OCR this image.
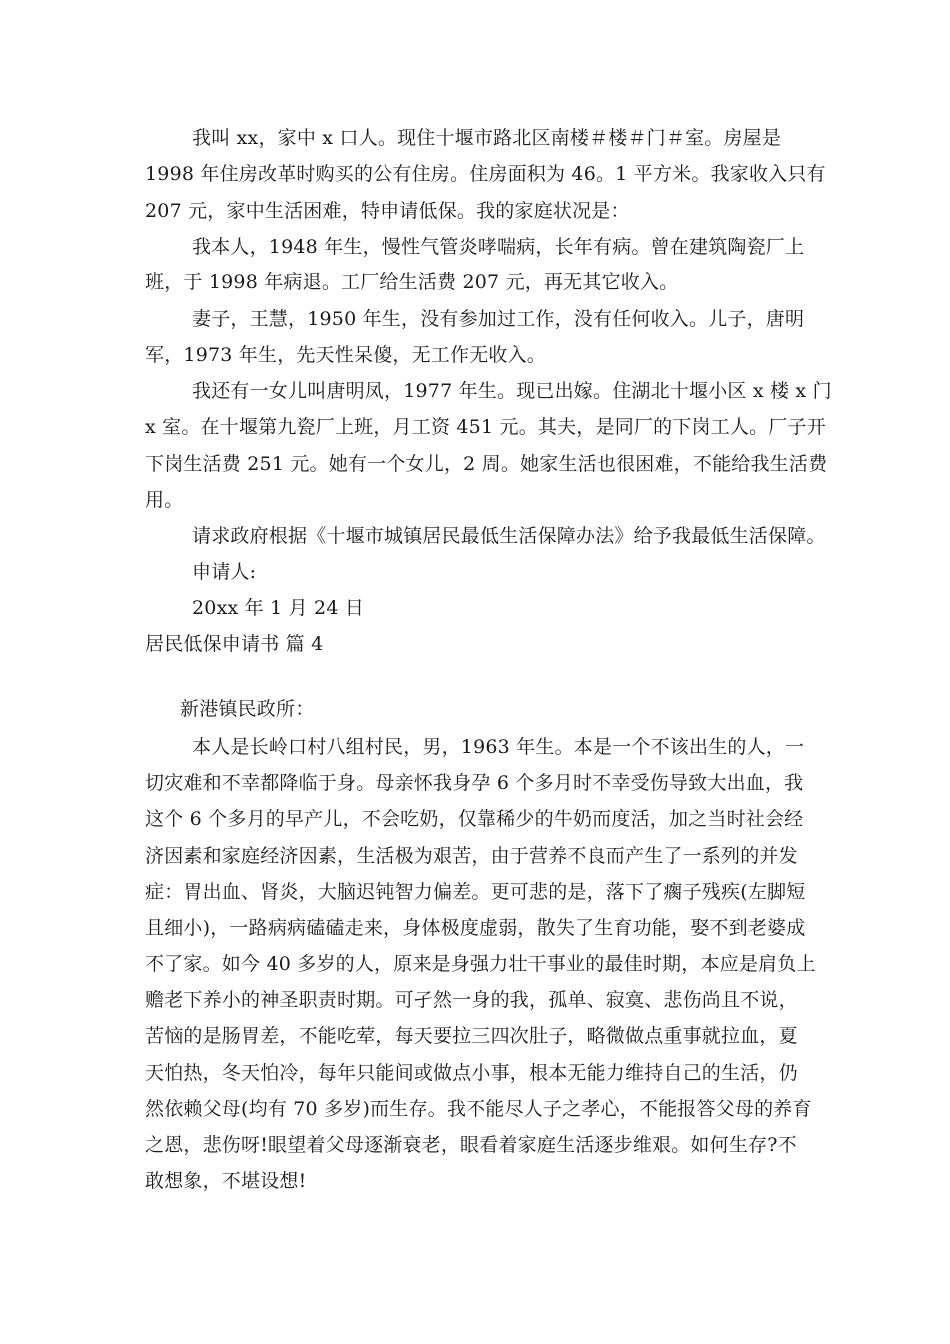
我叫 xx，家中 x 口人。现住十堰市路北区南楼＃楼＃门＃室。房屋是
1998 年住房改革时购买的公有住房。住房面积为 46。1 平方米。我家收入只有
207 元，家中生活困难，特申请低保。我的家庭状况是：
我本人，1948 年生，慢性气管炎哮喘病，长年有病。曾在建筑陶瓷厂上
班，于 1998 年病退。工厂给生活费 207 元，再无其它收入。
妻子，王慧，1950 年生，没有参加过工作，没有任何收入。儿子，唐明
军，1973 年生，先天性呆傻，无工作无收入。
我还有一女儿叫唐明凤，1977 年生。现已出嫁。住湖北十堰小区 x 楼 x 门
x 室。在十堰第九瓷厂上班，月工资 451 元。其夫，是同厂的下岗工人。厂子开
下岗生活费 251 元。她有一个女儿，2 周。她家生活也很困难，不能给我生活费
用。
请求政府根据《十堰市城镇居民最低生活保障办法》给予我最低生活保障。
申请人:
20xx 年 1 月 24 日
居民低保申请书 篇 4
新港镇民政所：
本人是长岭口村八组村民，男，1963 年生。本是一个不该出生的人，一
切灾难和不幸都降临于身。母亲怀我身孕 6 个多月时不幸受伤导致大出血，我
这个 6 个多月的早产儿，不会吃奶，仅靠稀少的牛奶而度活，加之当时社会经
济因素和家庭经济因素，生活极为艰苦，由于营养不良而产生了一系列的并发
症：胃出血、肾炎，大脑迟钝智力偏差。更可悲的是，落下了瘸子残疾(左脚短
且细小)，一路病病磕磕走来，身体极度虚弱，散失了生育功能，娶不到老婆成
不了家。如今 40 多岁的人，原来是身强力壮干事业的最佳时期，本应是肩负上
赡老下养小的神圣职责时期。可孑然一身的我，孤单、寂寞、悲伤尚且不说，
苦恼的是肠胃差，不能吃荤，每天要拉三四次肚子，略微做点重事就拉血，夏
天怕热，冬天怕冷，每年只能间或做点小事，根本无能力维持自己的生活，仍
然依赖父母(均有 70 多岁)而生存。我不能尽人子之孝心，不能报答父母的养育
之恩，悲伤呀!眼望着父母逐渐衰老，眼看着家庭生活逐步维艰。如何生存?不
敢想象，不堪设想!
